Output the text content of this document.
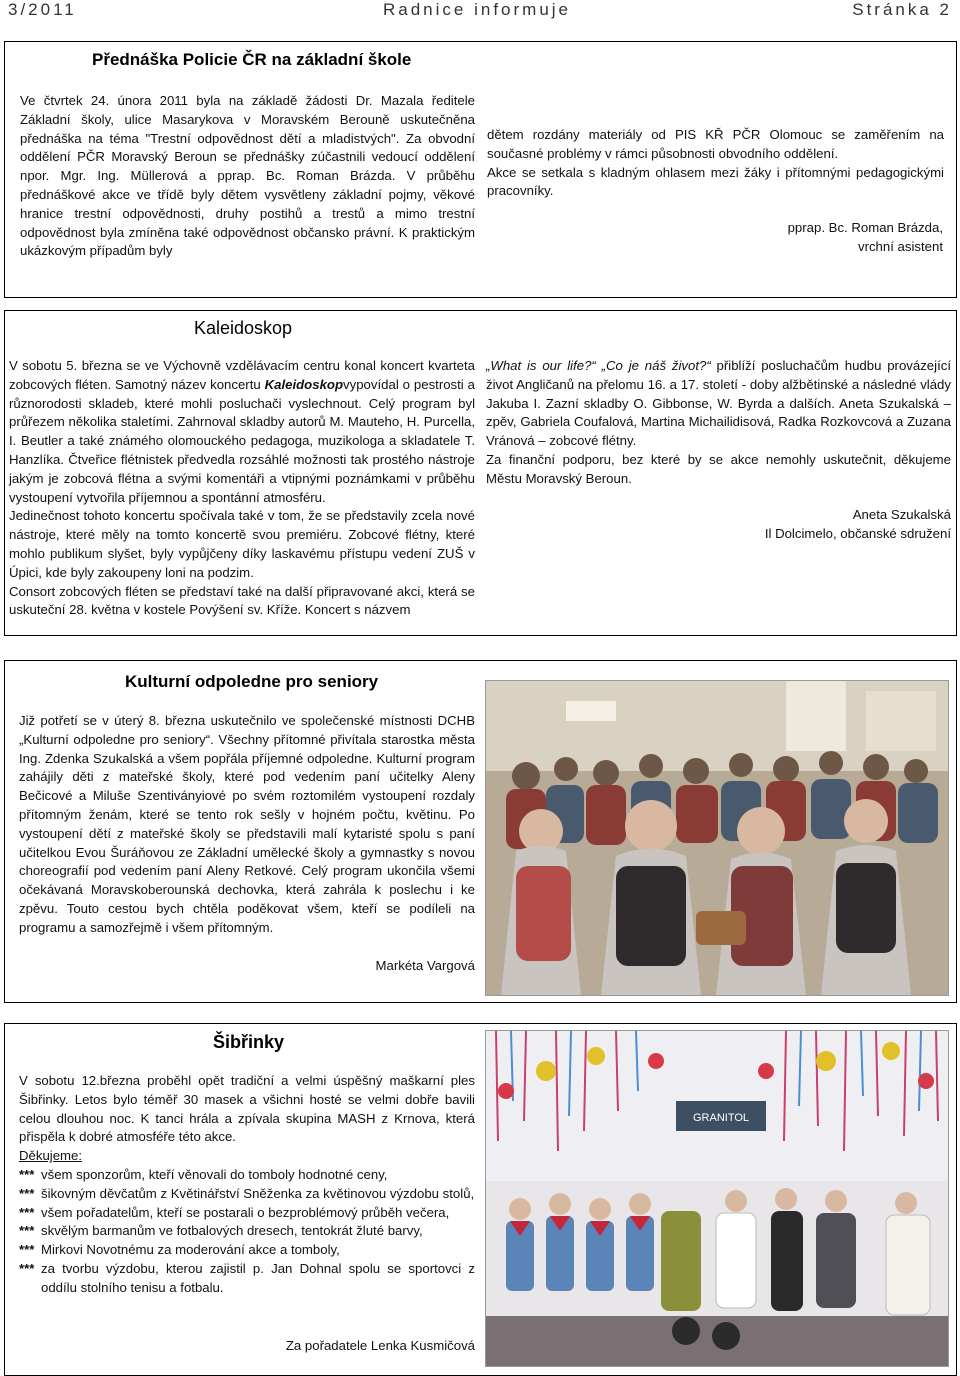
3/2011	Radnice informuje	Stránka 2
Přednáška Policie ČR na základní škole
Ve čtvrtek 24. února 2011 byla na základě žádosti Dr. Mazala ředitele Základní školy, ulice Masarykova v Moravském Berouně uskutečněna přednáška na téma "Trestní odpovědnost dětí a mladistvých". Za obvodní oddělení PČR Moravský Beroun se přednášky zúčastnili vedoucí oddělení npor. Mgr. Ing. Müllerová a pprap. Bc. Roman Brázda. V průběhu přednáškové akce ve třídě byly dětem vysvětleny základní pojmy, věkové hranice trestní odpovědnosti, druhy postihů a trestů a mimo trestní odpovědnost byla zmíněna také odpovědnost občansko právní. K praktickým ukázkovým případům byly

dětem rozdány materiály od PIS KŘ PČR Olomouc se zaměřením na současné problémy v rámci působnosti obvodního oddělení.

Akce se setkala s kladným ohlasem mezi žáky i přítomnými pedagogickými pracovníky.

pprap. Bc. Roman Brázda,

vrchní asistent

Kaleidoskop

V sobotu 5. března se ve Výchovně vzdělávacím centru konal koncert kvarteta zobcových fléten. Samotný název koncertu Kaleidoskopvypovídal o pestrosti a různorodosti skladeb, které mohli posluchači vyslechnout. Celý program byl průřezem několika staletími. Zahrnoval skladby autorů M. Mauteho, H. Purcella, I. Beutler a také známého olomouckého pedagoga, muzikologa a skladatele T. Hanzlíka. Čtveřice flétnistek předvedla rozsáhlé možnosti tak prostého nástroje jakým je zobcová flétna a svými komentáři a vtipnými poznámkami v průběhu vystoupení vytvořila příjemnou a spontánní atmosféru.

Jedinečnost tohoto koncertu spočívala také v tom, že se představily zcela nové nástroje, které měly na tomto koncertě svou premiéru. Zobcové flétny, které mohlo publikum slyšet, byly vypůjčeny díky laskavému přístupu vedení ZUŠ v Úpici, kde byly zakoupeny loni na podzim.

Consort zobcových fléten se představí také na další připravované akci, která se uskuteční 28. května v kostele Povýšení sv. Kříže. Koncert s názvem

„What is our life?“ „Co je náš život?“ přiblíží posluchačům hudbu provázející život Angličanů na přelomu 16. a 17. století - doby alžbětinské a následné vlády Jakuba I. Zazní skladby O. Gibbonse, W. Byrda a dalších. Aneta Szukalská – zpěv, Gabriela Coufalová, Martina Michailidisová, Radka Rozkovcová a Zuzana Vránová – zobcové flétny.

Za finanční podporu, bez které by se akce nemohly uskutečnit, děkujeme Městu Moravský Beroun.

Aneta Szukalská

Il Dolcimelo, občanské sdružení

Kulturní odpoledne pro seniory
Již potřetí se v úterý 8. března uskutečnilo ve společenské místnosti DCHB „Kulturní odpoledne pro seniory“. Všechny přítomné přivítala starostka města Ing. Zdenka Szukalská a všem popřála příjemné odpoledne. Kulturní program zahájily děti z mateřské školy, které pod vedením paní učitelky Aleny Bečicové a Miluše Szentiványiové po svém roztomilém vystoupení rozdaly přítomným ženám, které se tento rok sešly v hojném počtu, květinu. Po vystoupení dětí z mateřské školy se představili malí kytaristé spolu s paní učitelkou Evou Šuráňovou ze Základní umělecké školy a gymnastky s novou choreografií pod vedením paní Aleny Retkové. Celý program ukončila všemi očekávaná Moravskoberounská dechovka, která zahrála k poslechu i ke zpěvu. Touto cestou bych chtěla poděkovat všem, kteří se podíleli na programu a samozřejmě i všem přítomným.
Markéta Vargová
Šibřinky

V sobotu 12.března proběhl opět tradiční a velmi úspěšný maškarní ples Šibřinky. Letos bylo téměř 30 masek a všichni hosté se velmi dobře bavili celou dlouhou noc. K tanci hrála a zpívala skupina MASH z Krnova, která přispěla k dobré atmosféře této akce.

Děkujeme:

*** všem sponzorům, kteří věnovali do tomboly hodnotné ceny,
*** šikovným děvčatům z Květinářství Sněženka za květinovou výzdobu stolů,
*** všem pořadatelům, kteří se postarali o bezproblémový průběh večera,
*** skvělým barmanům ve fotbalových dresech, tentokrát žluté barvy,
*** Mirkovi Novotnému za moderování akce a tomboly,
*** za tvorbu výzdobu, kterou zajistil p. Jan Dohnal spolu se sportovci z oddílu stolního tenisu a fotbalu.
Za pořadatele Lenka Kusmičová
GRANITOL
